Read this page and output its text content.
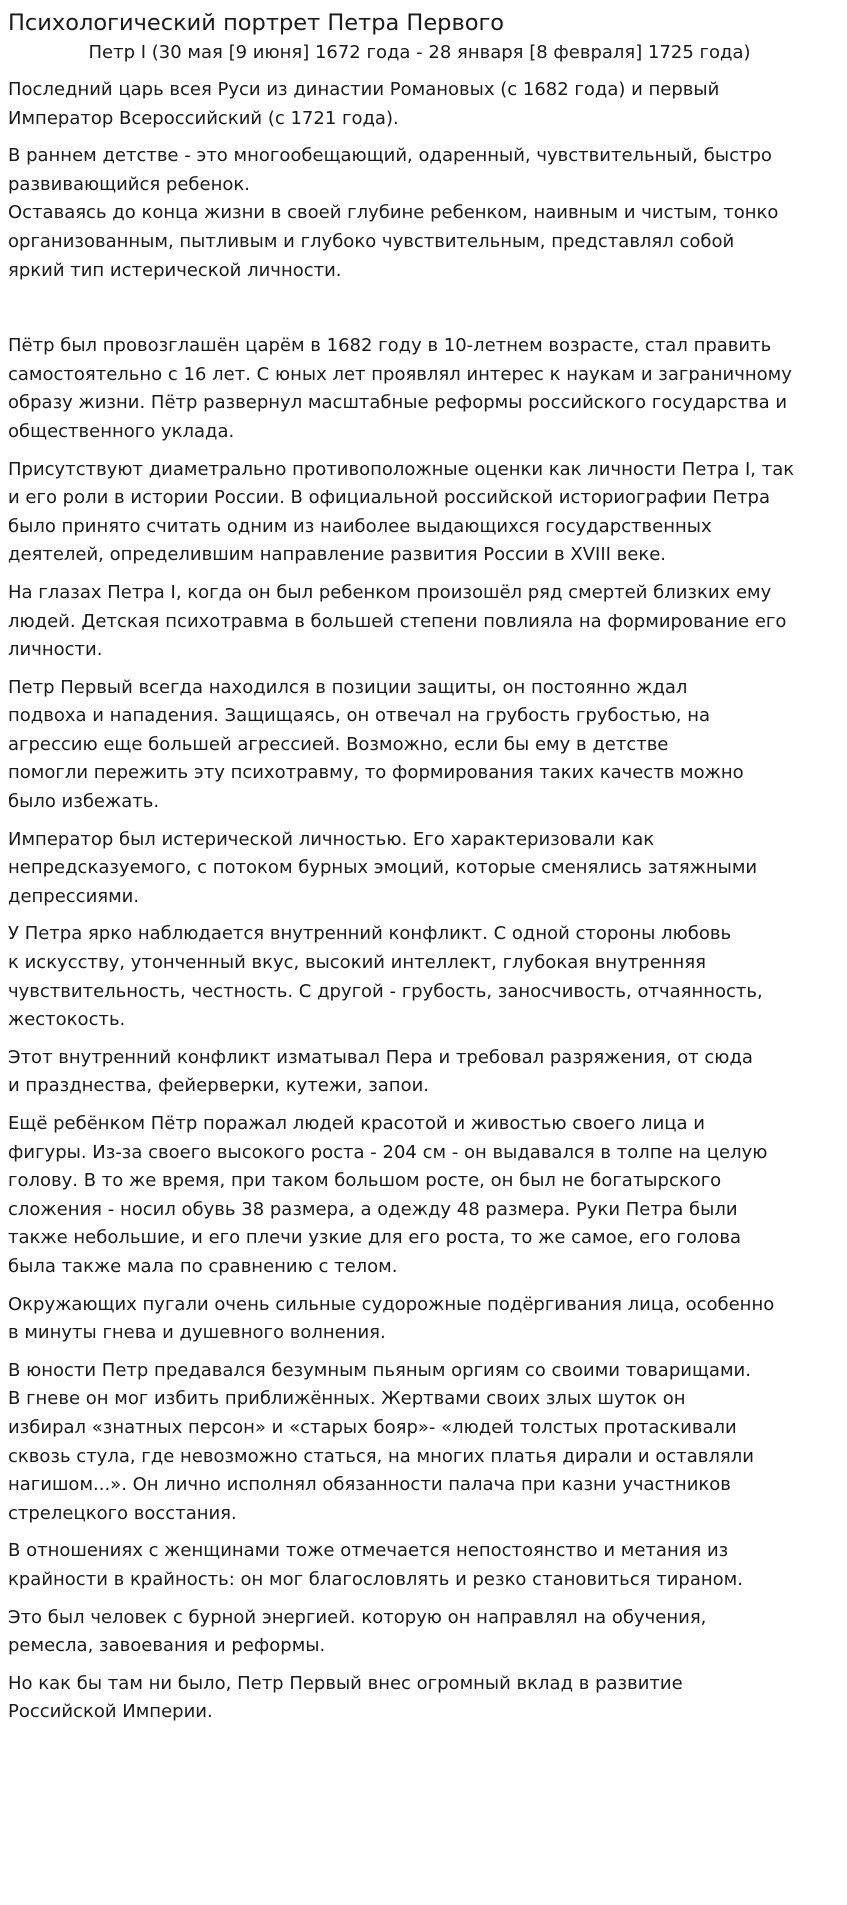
Психологический портрет Петра Первого
Петр I (30 мая [9 июня] 1672 года - 28 января [8 февраля] 1725 года)

Последний царь всея Руси из династии Романовых (с 1682 года) и первый
Император Всероссийский (с 1721 года).

В раннем детстве - это многообещающий, одаренный, чувствительный, быстро
развивающийся ребенок.
Оставаясь до конца жизни в своей глубине ребенком, наивным и чистым, тонко
организованным, пытливым и глубоко чувствительным, представлял собой
яркий тип истерической личности.

Пётр был провозглашён царём в 1682 году в 10-летнем возрасте, стал править
самостоятельно с 16 лет. С юных лет проявлял интерес к наукам и заграничному
образу жизни. Пётр развернул масштабные реформы российского государства и
общественного уклада.

Присутствуют диаметрально противоположные оценки как личности Петра I, так
и его роли в истории России. В официальной российской историографии Петра
было принято считать одним из наиболее выдающихся государственных
деятелей, определившим направление развития России в XVIII веке.

На глазах Петра I, когда он был ребенком произошёл ряд смертей близких ему
людей. Детская психотравма в большей степени повлияла на формирование его
личности.

Петр Первый всегда находился в позиции защиты, он постоянно ждал
подвоха и нападения. Защищаясь, он отвечал на грубость грубостью, на
агрессию еще большей агрессией. Возможно, если бы ему в детстве
помогли пережить эту психотравму, то формирования таких качеств можно
было избежать.

Император был истерической личностью. Его характеризовали как
непредсказуемого, с потоком бурных эмоций, которые сменялись затяжными
депрессиями.

У Петра ярко наблюдается внутренний конфликт. С одной стороны любовь
к искусству, утонченный вкус, высокий интеллект, глубокая внутренняя
чувствительность, честность. С другой - грубость, заносчивость, отчаянность,
жестокость.

Этот внутренний конфликт изматывал Пера и требовал разряжения, от сюда
и празднества, фейерверки, кутежи, запои.

Ещё ребёнком Пётр поражал людей красотой и живостью своего лица и
фигуры. Из-за своего высокого роста - 204 см - он выдавался в толпе на целую
голову. В то же время, при таком большом росте, он был не богатырского
сложения - носил обувь 38 размера, а одежду 48 размера. Руки Петра были
также небольшие, и его плечи узкие для его роста, то же самое, его голова
была также мала по сравнению с телом.

Окружающих пугали очень сильные судорожные подёргивания лица, особенно
в минуты гнева и душевного волнения.

В юности Петр предавался безумным пьяным оргиям со своими товарищами.
В гневе он мог избить приближённых. Жертвами своих злых шуток он
избирал «знатных персон» и «старых бояр»- «людей толстых протаскивали
сквозь стула, где невозможно статься, на многих платья дирали и оставляли
нагишом...». Он лично исполнял обязанности палача при казни участников
стрелецкого восстания.

В отношениях с женщинами тоже отмечается непостоянство и метания из
крайности в крайность: он мог благословлять и резко становиться тираном.

Это был человек с бурной энергией. которую он направлял на обучения,
ремесла, завоевания и реформы.

Но как бы там ни было, Петр Первый внес огромный вклад в развитие
Российской Империи.
